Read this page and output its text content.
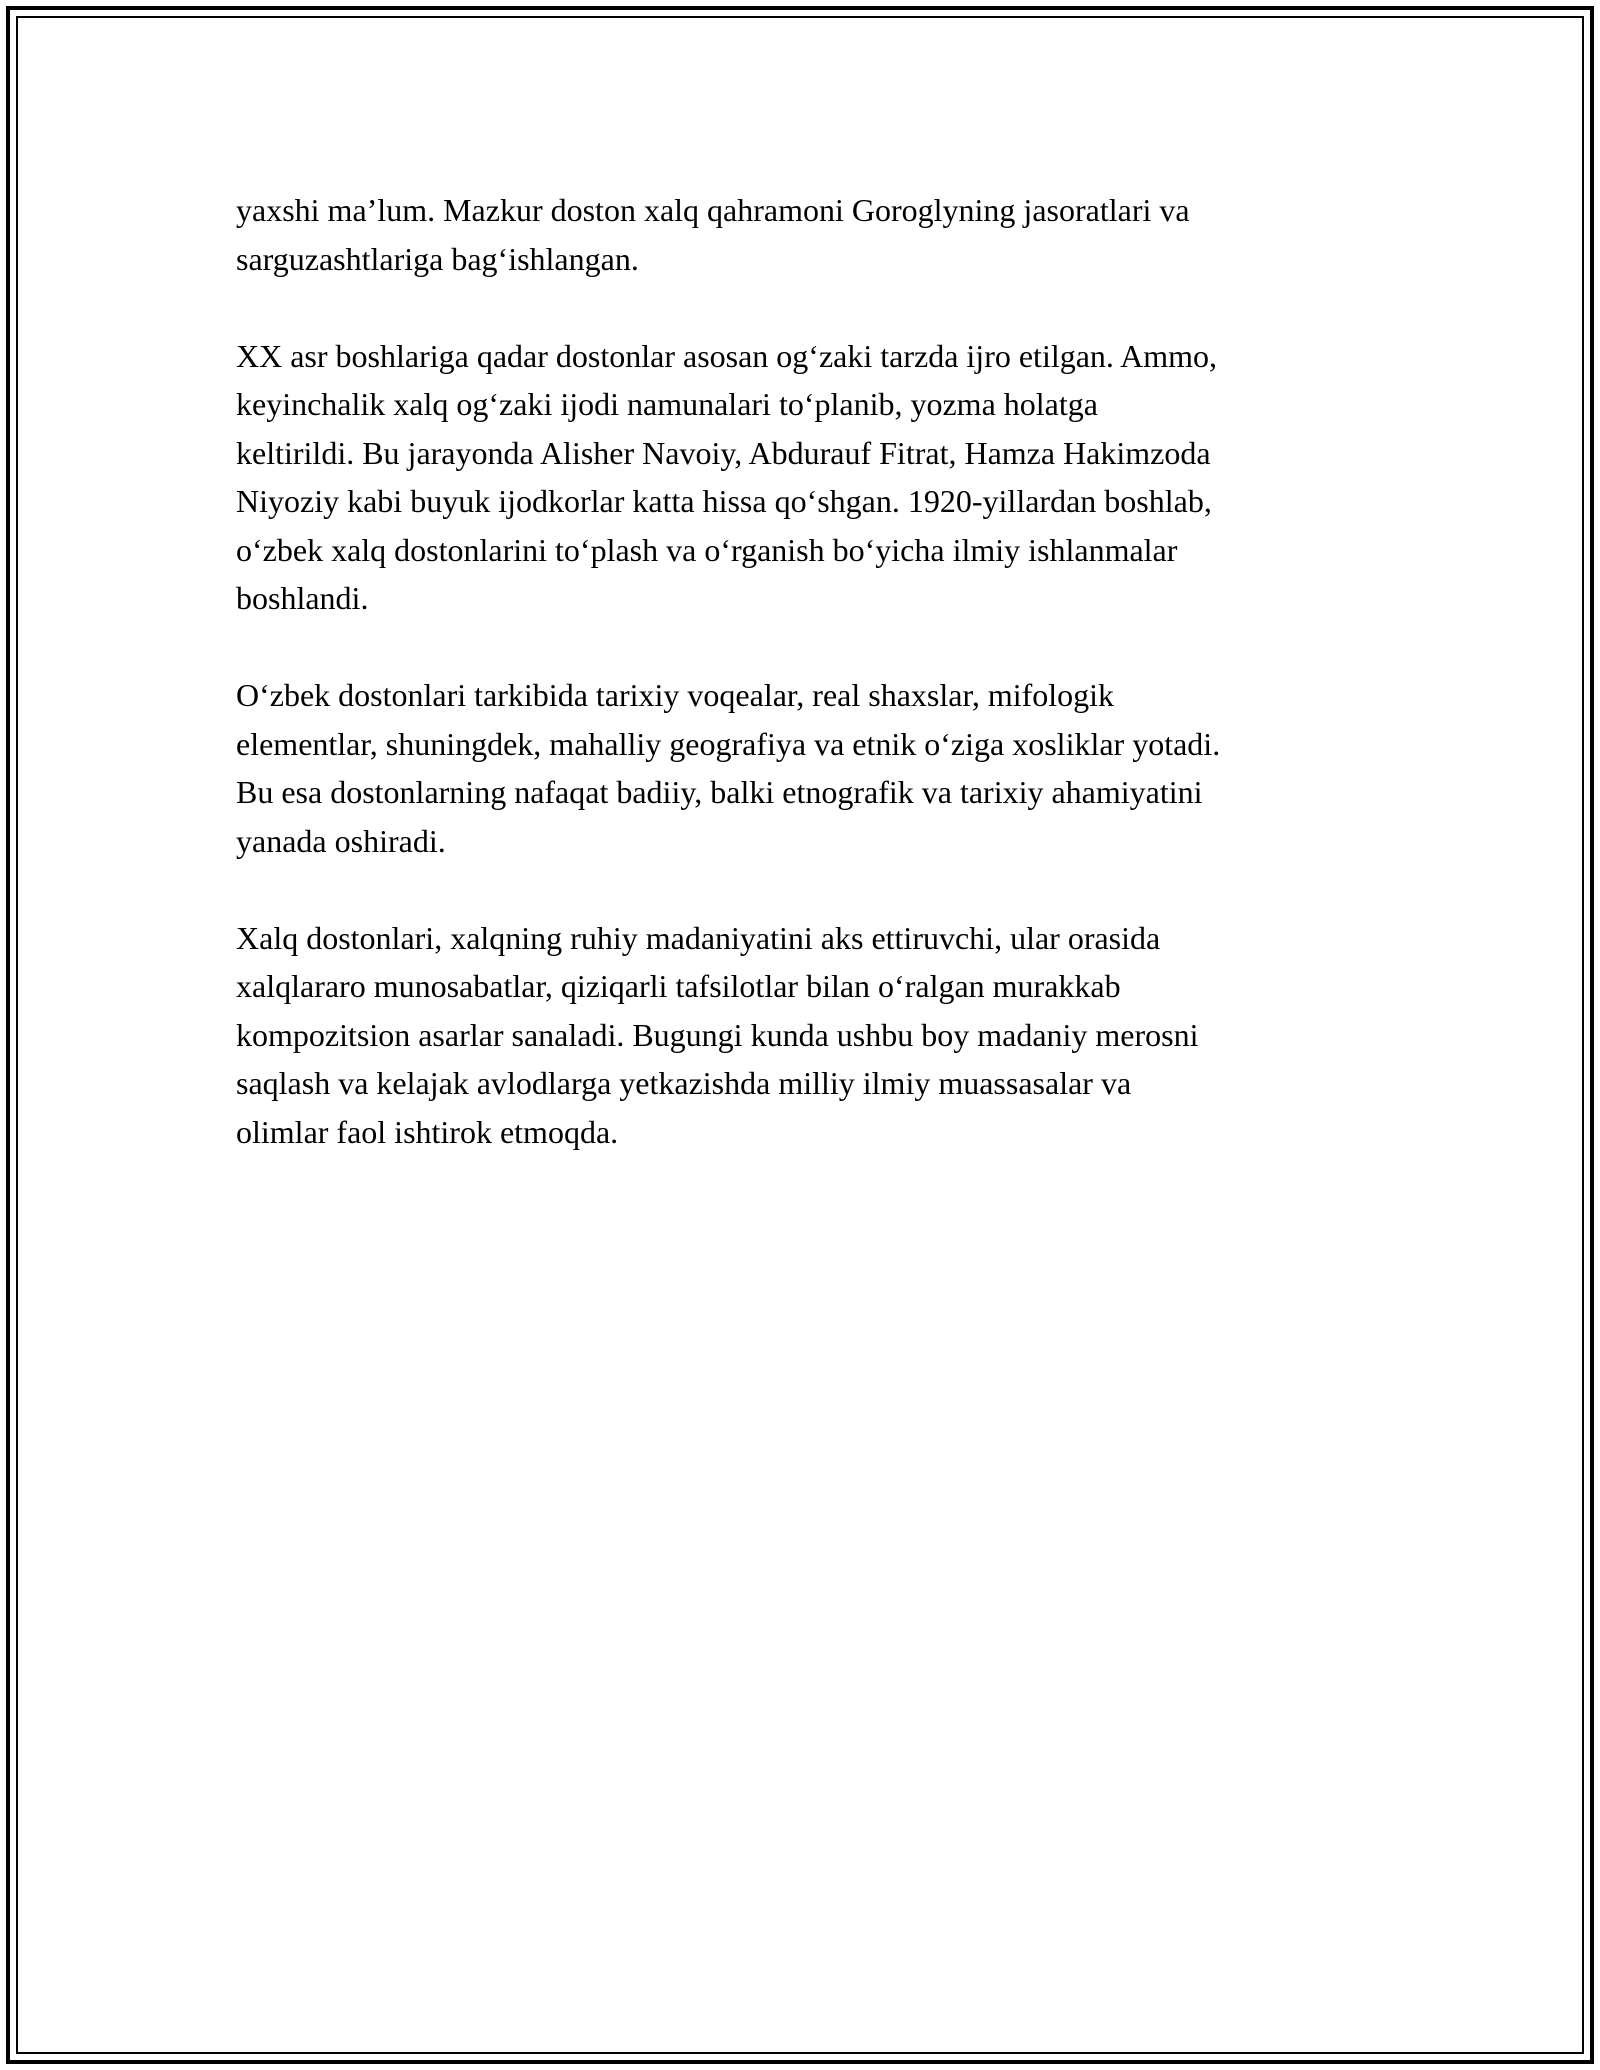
yaxshi ma’lum. Mazkur doston xalq qahramoni Goroglyning jasoratlari va
sarguzashtlariga bag‘ishlangan.

XX asr boshlariga qadar dostonlar asosan og‘zaki tarzda ijro etilgan. Ammo,
keyinchalik xalq og‘zaki ijodi namunalari to‘planib, yozma holatga
keltirildi. Bu jarayonda Alisher Navoiy, Abdurauf Fitrat, Hamza Hakimzoda
Niyoziy kabi buyuk ijodkorlar katta hissa qo‘shgan. 1920-yillardan boshlab,
o‘zbek xalq dostonlarini to‘plash va o‘rganish bo‘yicha ilmiy ishlanmalar
boshlandi.

O‘zbek dostonlari tarkibida tarixiy voqealar, real shaxslar, mifologik
elementlar, shuningdek, mahalliy geografiya va etnik o‘ziga xosliklar yotadi.
Bu esa dostonlarning nafaqat badiiy, balki etnografik va tarixiy ahamiyatini
yanada oshiradi.

Xalq dostonlari, xalqning ruhiy madaniyatini aks ettiruvchi, ular orasida
xalqlararo munosabatlar, qiziqarli tafsilotlar bilan o‘ralgan murakkab
kompozitsion asarlar sanaladi. Bugungi kunda ushbu boy madaniy merosni
saqlash va kelajak avlodlarga yetkazishda milliy ilmiy muassasalar va
olimlar faol ishtirok etmoqda.
